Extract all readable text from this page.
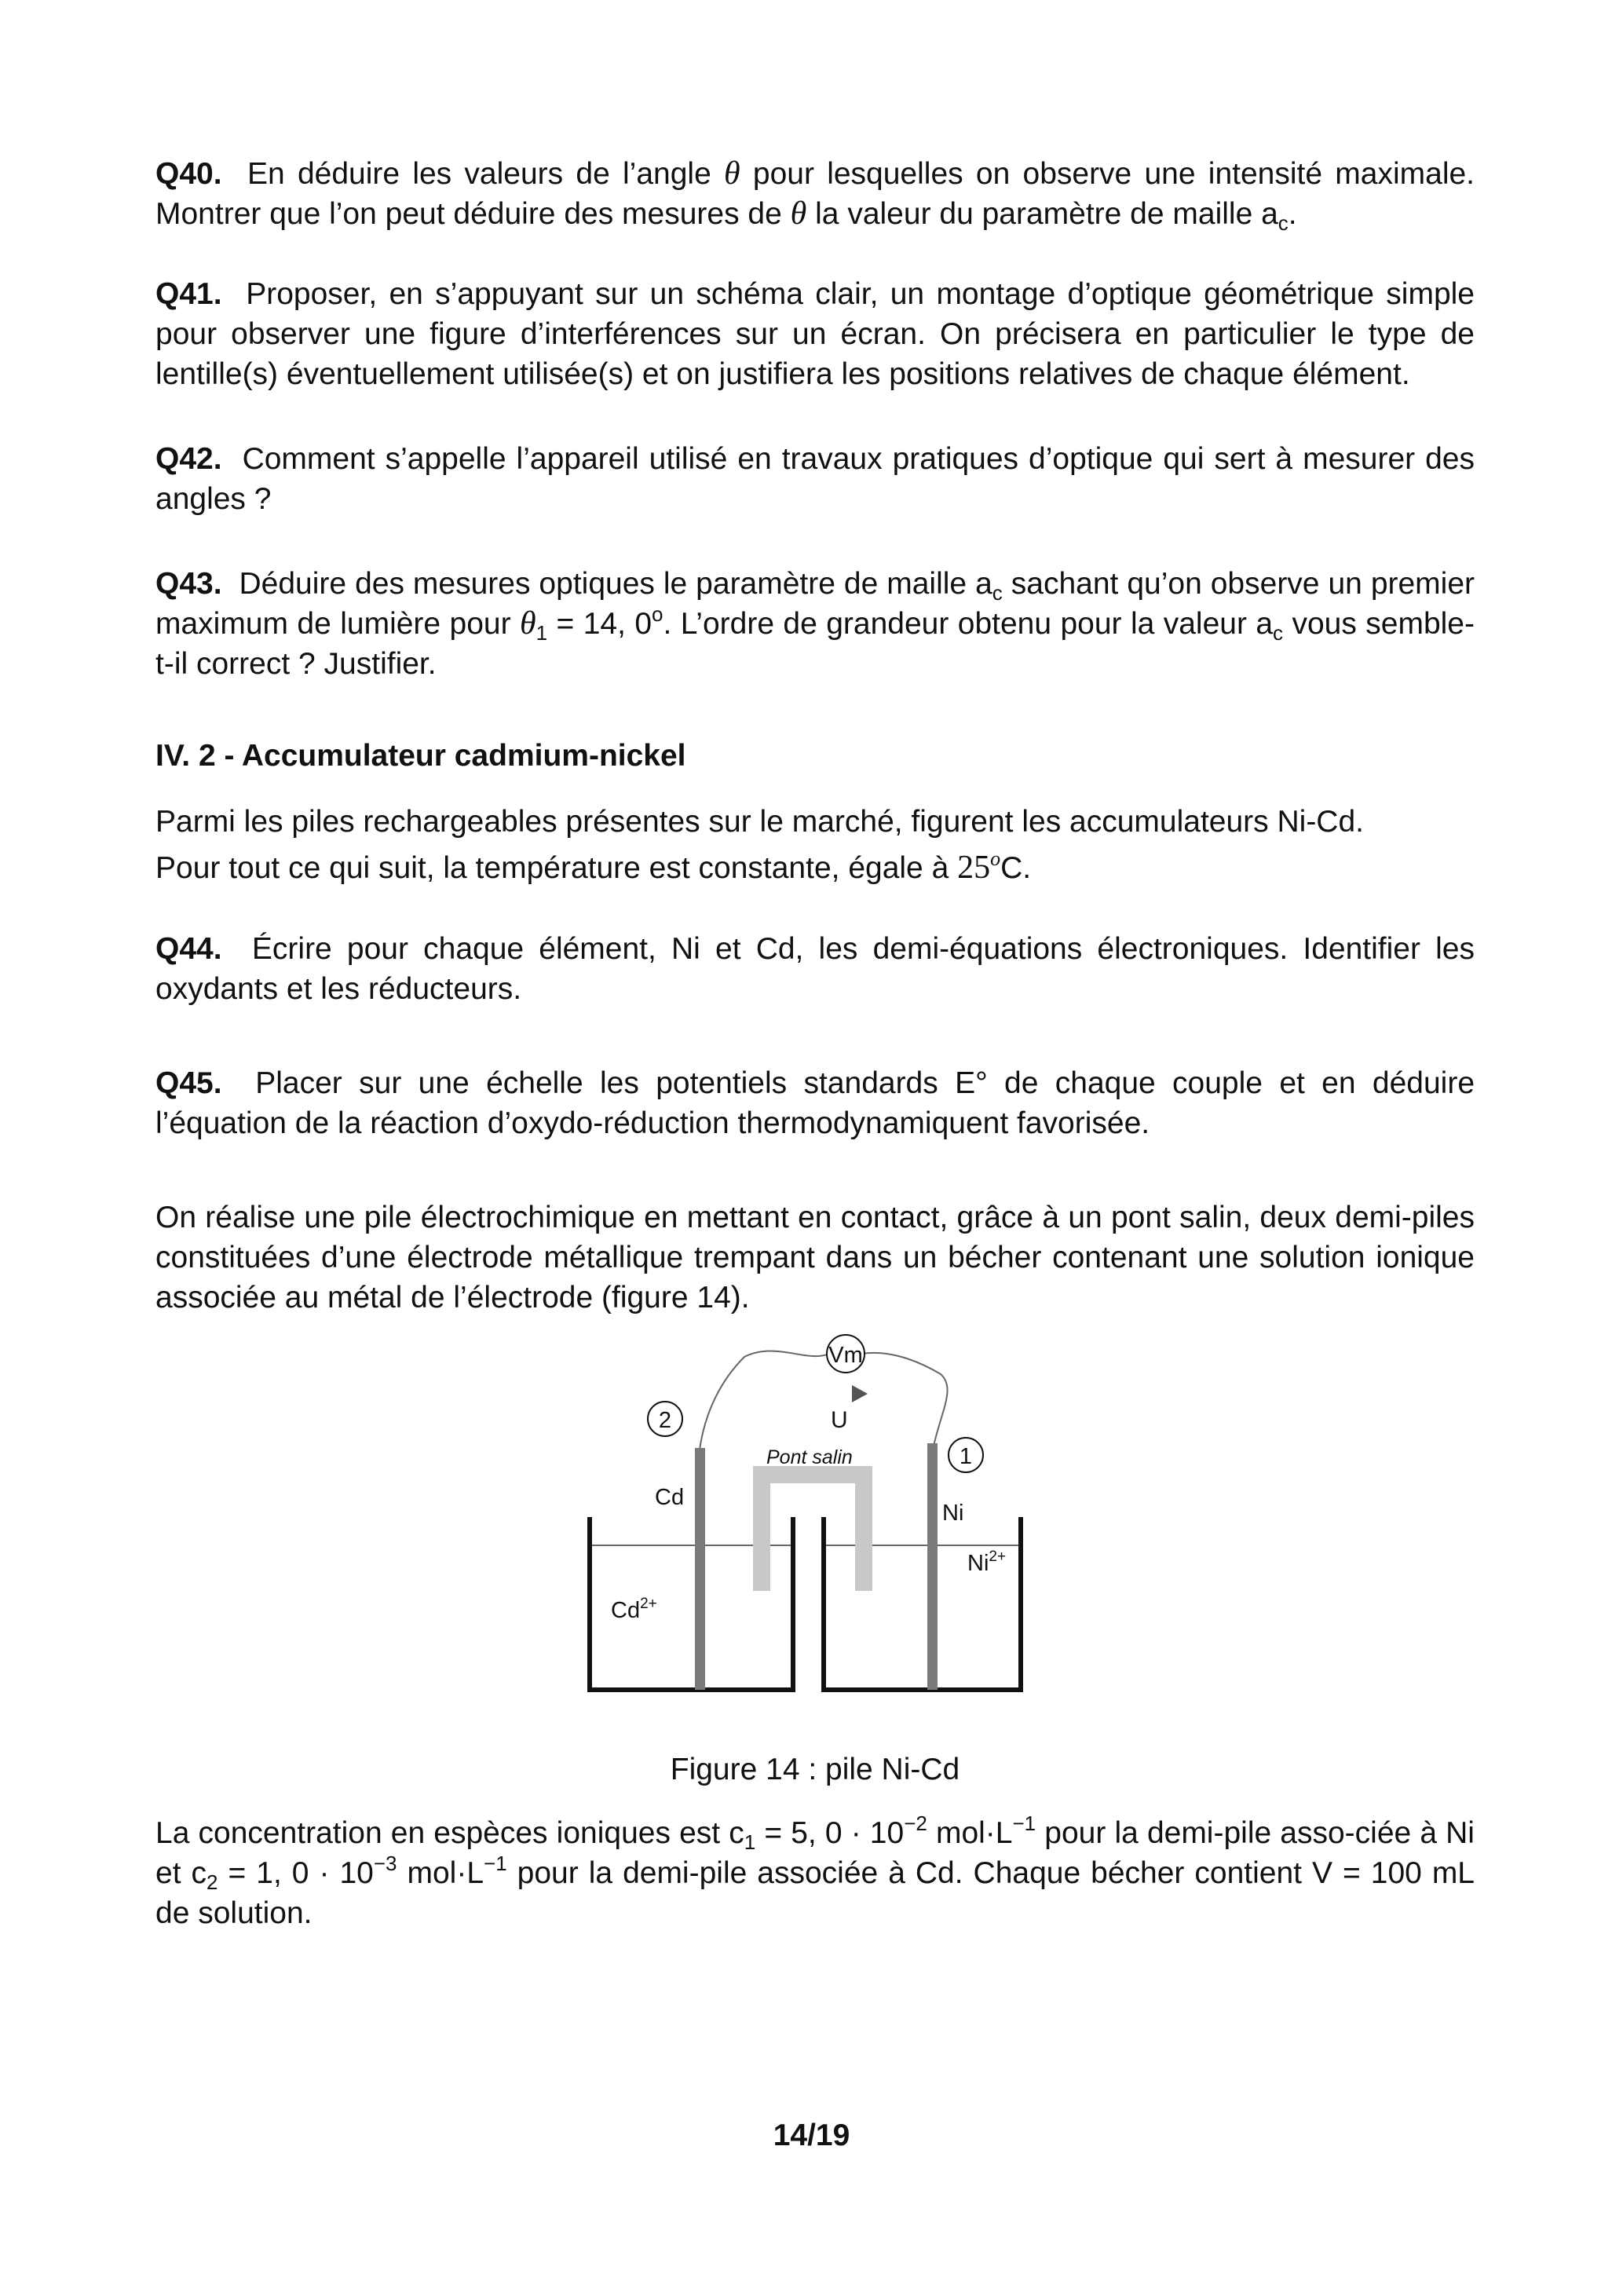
Q40. En déduire les valeurs de l’angle θ pour lesquelles on observe une intensité maximale. Montrer que l’on peut déduire des mesures de θ la valeur du paramètre de maille $a_c$.

Q41. Proposer, en s’appuyant sur un schéma clair, un montage d’optique géométrique simple pour observer une figure d’interférences sur un écran. On précisera en particulier le type de lentille(s) éventuellement utilisée(s) et on justifiera les positions relatives de chaque élément.

Q42. Comment s’appelle l’appareil utilisé en travaux pratiques d’optique qui sert à mesurer des angles ?

Q43. Déduire des mesures optiques le paramètre de maille $a_c$ sachant qu’on observe un premier maximum de lumière pour $\theta_1 = 14$, 0$^o$. L’ordre de grandeur obtenu pour la valeur $a_c$ vous semble-t-il correct ? Justifier.

IV. 2 - Accumulateur cadmium-nickel

Parmi les piles rechargeables présentes sur le marché, figurent les accumulateurs Ni-Cd.
Pour tout ce qui suit, la température est constante, égale à 25$^o$C.

Q44. Écrire pour chaque élément, Ni et Cd, les demi-équations électroniques. Identifier les oxydants et les réducteurs.

Q45. Placer sur une échelle les potentiels standards E° de chaque couple et en déduire l’équation de la réaction d’oxydo-réduction thermodynamiquent favorisée.

On réalise une pile électrochimique en mettant en contact, grâce à un pont salin, deux demi-piles constituées d’une électrode métallique trempant dans un bécher contenant une solution ionique associée au métal de l’électrode (figure 14).

Vm
U
2
1
Pont salin
Cd
Ni
$Ni^{2+}$
$Cd^{2+}$

Figure 14 : pile Ni-Cd

La concentration en espèces ioniques est $c_1 = 5$, $0 \cdot 10^{-2}$ $mol\cdot L^{-1}$ pour la demi-pile asso-ciée à Ni et $c_2 = 1$, $0 \cdot 10^{-3}$ $mol\cdot L^{-1}$ pour la demi-pile associée à Cd. Chaque bécher contient V = 100 mL de solution.

14/19
